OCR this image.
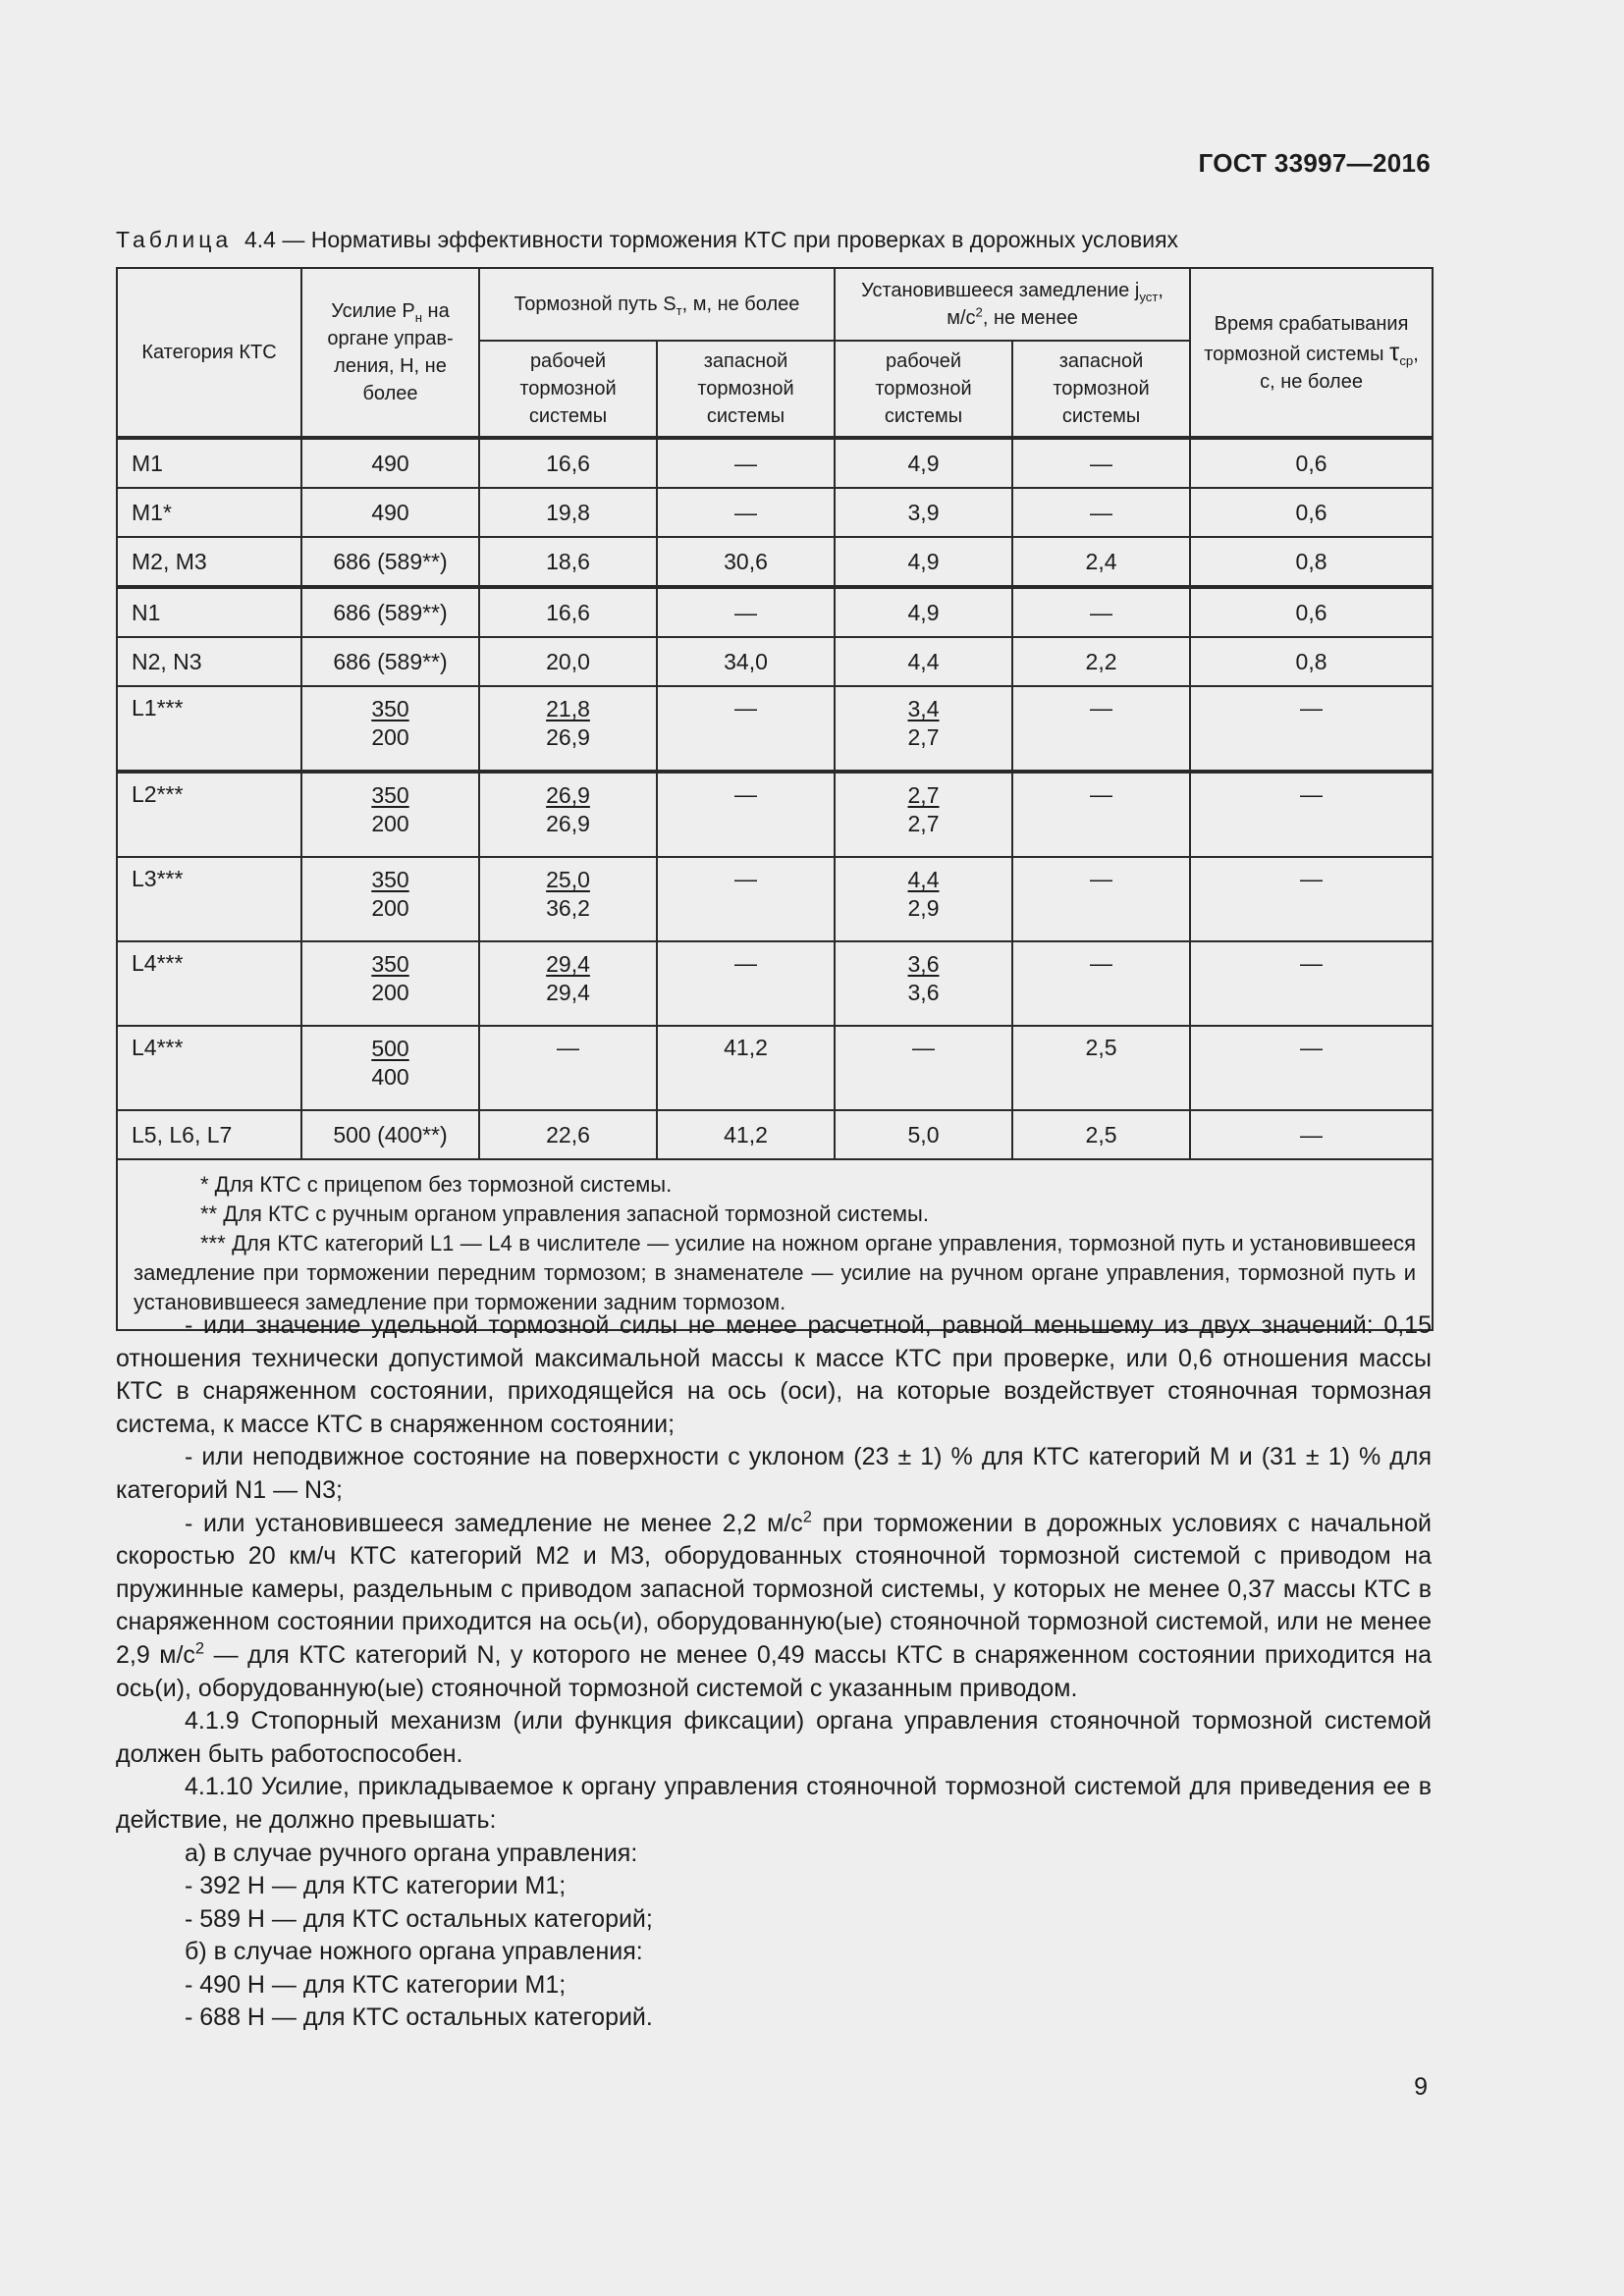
ГОСТ 33997—2016
Таблица 4.4 — Нормативы эффективности торможения КТС при проверках в дорожных условиях
Категория КТС	Усилие $P_н$ на органе управления, Н, не более	Тормозной путь $S_т$, м, не более		Установившееся замедление $j_{уст}$, $м/с^2$, не менее		Время срабатывания тормозной системы $\tau_{ср}$, с, не более
		рабочей тормозной системы	запасной тормозной системы	рабочей тормозной системы	запасной тормозной системы	
M1	490	16,6	—	4,9	—	0,6
M1*	490	19,8	—	3,9	—	0,6
M2, M3	686 (589**)	18,6	30,6	4,9	2,4	0,8
N1	686 (589**)	16,6	—	4,9	—	0,6
N2, N3	686 (589**)	20,0	34,0	4,4	2,2	0,8
L1***	$\frac{350}{200}$	$\frac{21,8}{26,9}$	—	$\frac{3,4}{2,7}$	—	—
L2***	$\frac{350}{200}$	$\frac{26,9}{26,9}$	—	$\frac{2,7}{2,7}$	—	—
L3***	$\frac{350}{200}$	$\frac{25,0}{36,2}$	—	$\frac{4,4}{2,9}$	—	—
L4***	$\frac{350}{200}$	$\frac{29,4}{29,4}$	—	$\frac{3,6}{3,6}$	—	—
L4***	$\frac{500}{400}$	—	41,2	—	2,5	—
L5, L6, L7	500 (400**)	22,6	41,2	5,0	2,5	—

* Для КТС с прицепом без тормозной системы.
** Для КТС с ручным органом управления запасной тормозной системы.
*** Для КТС категорий L1 — L4 в числителе — усилие на ножном органе управления, тормозной путь и установившееся замедление при торможении передним тормозом; в знаменателе — усилие на ручном органе управления, тормозной путь и установившееся замедление при торможении задним тормозом.						

- или значение удельной тормозной силы не менее расчетной, равной меньшему из двух значений: 0,15 отношения технически допустимой максимальной массы к массе КТС при проверке, или 0,6 отношения массы КТС в снаряженном состоянии, приходящейся на ось (оси), на которые воздействует стояночная тормозная система, к массе КТС в снаряженном состоянии;

- или неподвижное состояние на поверхности с уклоном (23 ± 1) % для КТС категорий М и (31 ± 1) % для категорий N1 — N3;

- или установившееся замедление не менее 2,2 $м/с^2$ при торможении в дорожных условиях с начальной скоростью 20 км/ч КТС категорий М2 и М3, оборудованных стояночной тормозной системой с приводом на пружинные камеры, раздельным с приводом запасной тормозной системы, у которых не менее 0,37 массы КТС в снаряженном состоянии приходится на ось(и), оборудованную(ые) стояночной тормозной системой, или не менее 2,9 $м/с^2$ — для КТС категорий N, у которого не менее 0,49 массы КТС в снаряженном состоянии приходится на ось(и), оборудованную(ые) стояночной тормозной системой с указанным приводом.

4.1.9 Стопорный механизм (или функция фиксации) органа управления стояночной тормозной системой должен быть работоспособен.

4.1.10 Усилие, прикладываемое к органу управления стояночной тормозной системой для приведения ее в действие, не должно превышать:

а) в случае ручного органа управления:

- 392 Н — для КТС категории М1;

- 589 Н — для КТС остальных категорий;

б) в случае ножного органа управления:

- 490 Н — для КТС категории М1;

- 688 Н — для КТС остальных категорий.

9
